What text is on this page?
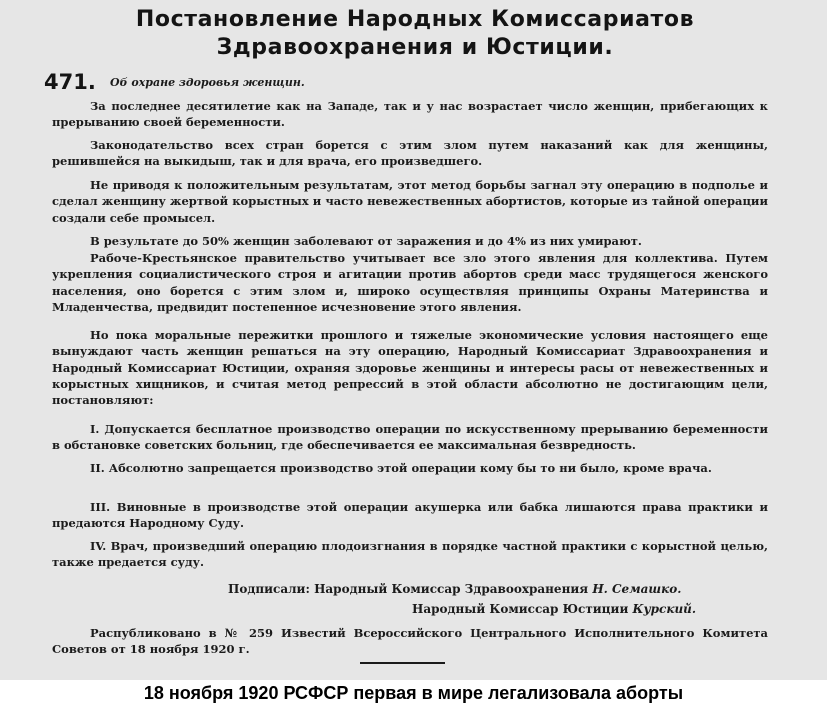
Постановление Народных Комиссариатов Здравоохранения и Юстиции.
471. Об охране здоровья женщин.

За последнее десятилетие как на Западе, так и у нас возрастает число женщин, прибегающих к прерыванию своей беременности.

Законодательство всех стран борется с этим злом путем наказаний как для женщины, решившейся на выкидыш, так и для врача, его произведшего.

Не приводя к положительным результатам, этот метод борьбы загнал эту операцию в подполье и сделал женщину жертвой корыстных и часто невежественных абортистов, которые из тайной операции создали себе промысел.

В результате до 50% женщин заболевают от заражения и до 4% из них умирают.

Рабоче-Крестьянское правительство учитывает все зло этого явления для коллектива. Путем укрепления социалистического строя и агитации против абортов среди масс трудящегося женского населения, оно борется с этим злом и, широко осуществляя принципы Охраны Материнства и Младенчества, предвидит постепенное исчезновение этого явления.

Но пока моральные пережитки прошлого и тяжелые экономические условия настоящего еще вынуждают часть женщин решаться на эту операцию, Народный Комиссариат Здравоохранения и Народный Комиссариат Юстиции, охраняя здоровье женщины и интересы расы от невежественных и корыстных хищников, и считая метод репрессий в этой области абсолютно не достигающим цели, постановляют:

I. Допускается бесплатное производство операции по искусственному прерыванию беременности в обстановке советских больниц, где обеспечивается ее максимальная безвредность.

II. Абсолютно запрещается производство этой операции кому бы то ни было, кроме врача.

III. Виновные в производстве этой операции акушерка или бабка лишаются права практики и предаются Народному Суду.

IV. Врач, произведший операцию плодоизгнания в порядке частной практики с корыстной целью, также предается суду.

Подписали: Народный Комиссар Здравоохранения Н. Семашко.
Народный Комиссар Юстиции Курский.

Распубликовано в № 259 Известий Всероссийского Центрального Исполнительного Комитета Советов от 18 ноября 1920 г.

18 ноября 1920 РСФСР первая в мире легализовала аборты
